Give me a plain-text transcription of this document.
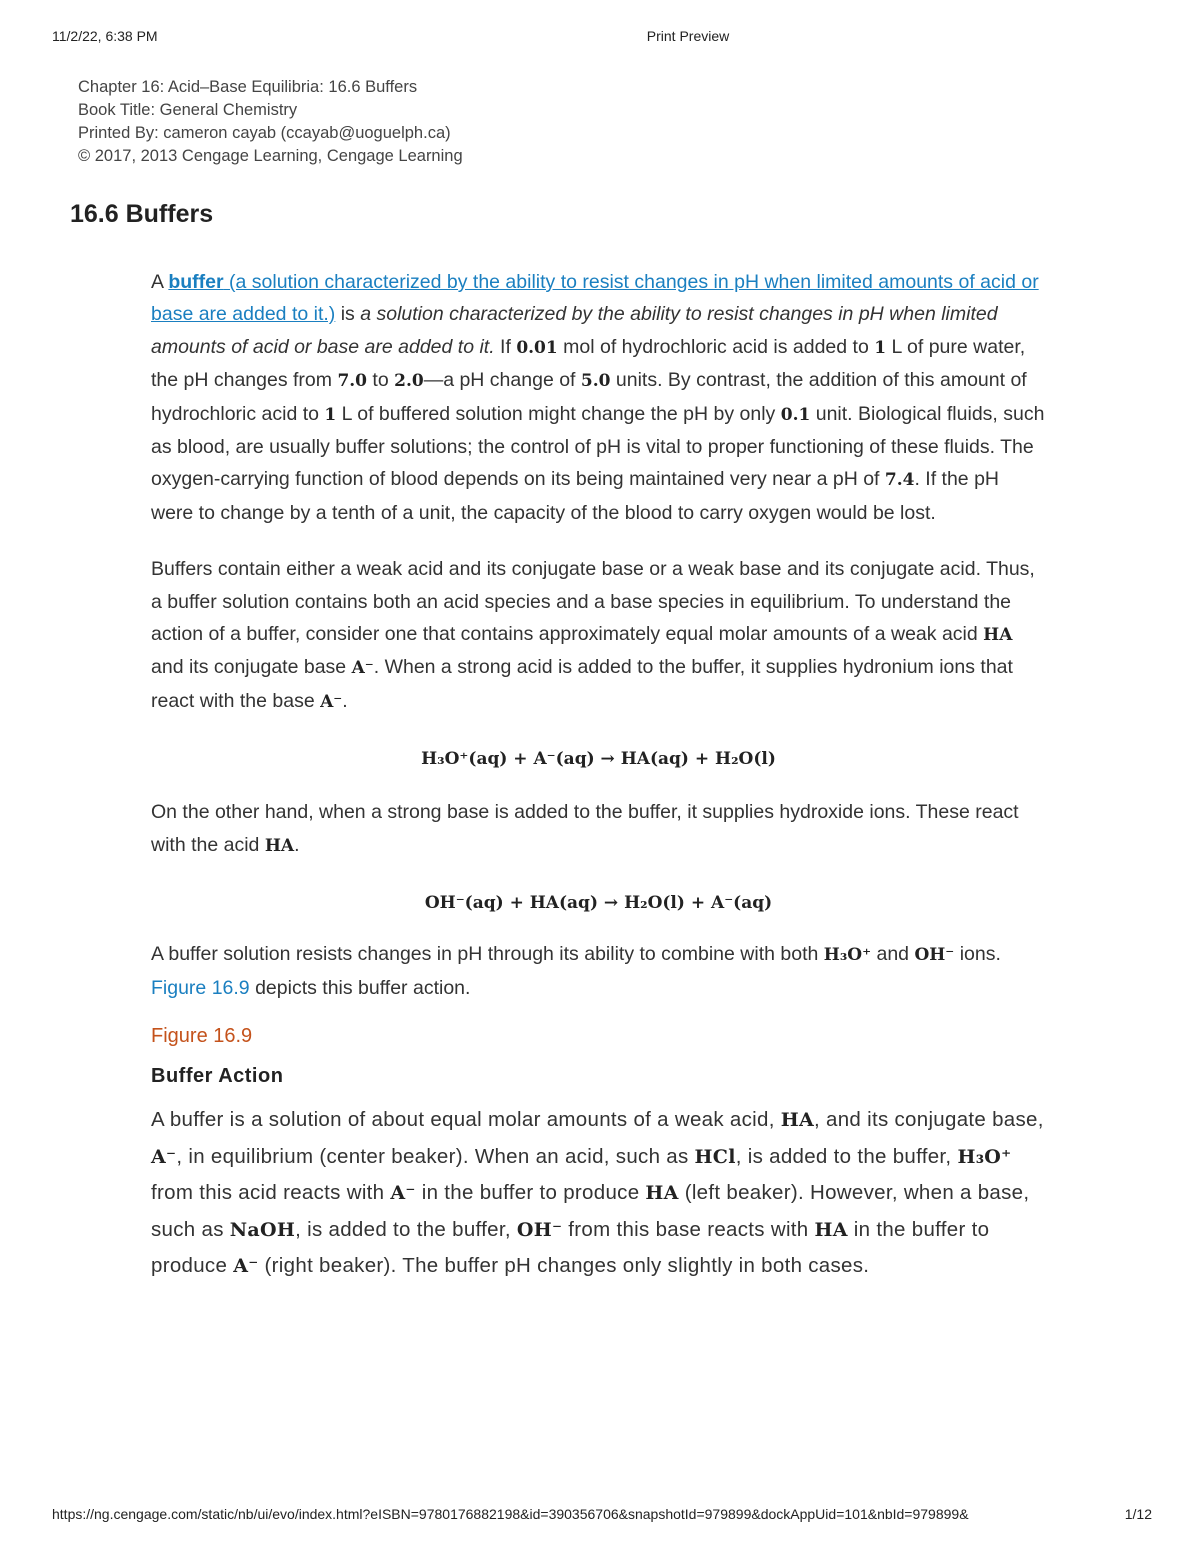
11/2/22, 6:38 PM	Print Preview
Chapter 16: Acid–Base Equilibria: 16.6 Buffers
Book Title: General Chemistry
Printed By: cameron cayab (ccayab@uoguelph.ca)
© 2017, 2013 Cengage Learning, Cengage Learning
16.6 Buffers

A buffer (a solution characterized by the ability to resist changes in pH when limited amounts of acid or base are added to it.) is a solution characterized by the ability to resist changes in pH when limited amounts of acid or base are added to it. If 0.01 mol of hydrochloric acid is added to 1 L of pure water, the pH changes from 7.0 to 2.0—a pH change of 5.0 units. By contrast, the addition of this amount of hydrochloric acid to 1 L of buffered solution might change the pH by only 0.1 unit. Biological fluids, such as blood, are usually buffer solutions; the control of pH is vital to proper functioning of these fluids. The oxygen-carrying function of blood depends on its being maintained very near a pH of 7.4. If the pH were to change by a tenth of a unit, the capacity of the blood to carry oxygen would be lost.

Buffers contain either a weak acid and its conjugate base or a weak base and its conjugate acid. Thus, a buffer solution contains both an acid species and a base species in equilibrium. To understand the action of a buffer, consider one that contains approximately equal molar amounts of a weak acid HA and its conjugate base A⁻. When a strong acid is added to the buffer, it supplies hydronium ions that react with the base A⁻.

H₃O⁺(aq) + A⁻(aq) → HA(aq) + H₂O(l)

On the other hand, when a strong base is added to the buffer, it supplies hydroxide ions. These react with the acid HA.

OH⁻(aq) + HA(aq) → H₂O(l) + A⁻(aq)

A buffer solution resists changes in pH through its ability to combine with both H₃O⁺ and OH⁻ ions. Figure 16.9 depicts this buffer action.

Figure 16.9
Buffer Action
A buffer is a solution of about equal molar amounts of a weak acid, HA, and its conjugate base, A⁻, in equilibrium (center beaker). When an acid, such as HCl, is added to the buffer, H₃O⁺ from this acid reacts with A⁻ in the buffer to produce HA (left beaker). However, when a base, such as NaOH, is added to the buffer, OH⁻ from this base reacts with HA in the buffer to produce A⁻ (right beaker). The buffer pH changes only slightly in both cases.
https://ng.cengage.com/static/nb/ui/evo/index.html?eISBN=9780176882198&id=390356706&snapshotId=979899&dockAppUid=101&nbId=979899&	1/12
